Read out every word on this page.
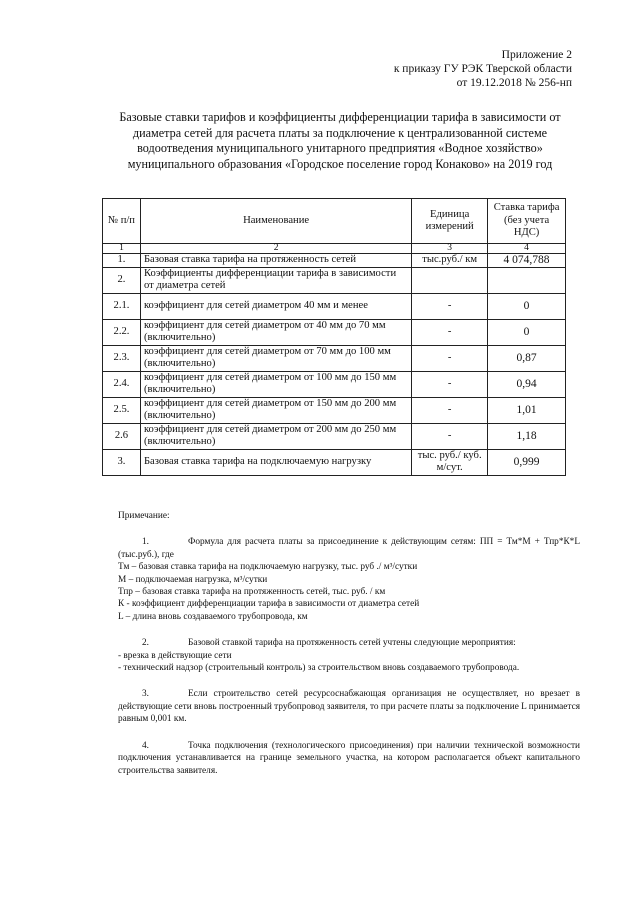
Приложение 2
к приказу ГУ РЭК Тверской области
от 19.12.2018 № 256-нп
Базовые ставки тарифов и коэффициенты дифференциации тарифа в зависимости от
диаметра сетей для расчета платы за подключение к централизованной системе
водоотведения муниципального унитарного предприятия «Водное хозяйство»
муниципального образования «Городское поселение город Конаково» на 2019 год
№ п/п	Наименование	Единица измерений	Ставка тарифа (без учета НДС)
1	2	3	4
1.	Базовая ставка тарифа на протяженность сетей	тыс.руб./ км	4 074,788
2.	Коэффициенты дифференциации тарифа в зависимости от диаметра сетей		
2.1.	коэффициент для сетей диаметром 40 мм и менее	-	0
2.2.	коэффициент для сетей диаметром от 40 мм до 70 мм (включительно)	-	0
2.3.	коэффициент для сетей диаметром от 70 мм до 100 мм (включительно)	-	0,87
2.4.	коэффициент для сетей диаметром от 100 мм до 150 мм (включительно)	-	0,94
2.5.	коэффициент для сетей диаметром от 150 мм до 200 мм (включительно)	-	1,01
2.6	коэффициент для сетей диаметром от 200 мм до 250 мм (включительно)	-	1,18
3.	Базовая ставка тарифа на подключаемую нагрузку	тыс. руб./ куб. м/сут.	0,999

Примечание:

1.	Формула для расчета платы за присоединение к действующим сетям: ПП = Тм*М + Тпр*К*L (тыс.руб.), где

Тм – базовая ставка тарифа на подключаемую нагрузку, тыс. руб ./ м³/сутки

М – подключаемая нагрузка, м³/сутки

Тпр – базовая ставка тарифа на протяженность сетей, тыс. руб. / км

К - коэффициент дифференциации тарифа в зависимости от диаметра сетей

L – длина вновь создаваемого трубопровода, км

2.	Базовой ставкой тарифа на протяженность сетей учтены следующие мероприятия:

- врезка в действующие сети

- технический надзор (строительный контроль) за строительством вновь создаваемого трубопровода.

3.	Если строительство сетей ресурсоснабжающая организация не осуществляет, но врезает в действующие сети вновь построенный трубопровод заявителя, то при расчете платы за подключение L принимается равным 0,001 км.

4.	Точка подключения (технологического присоединения) при наличии технической возможности подключения устанавливается на границе земельного участка, на котором располагается объект капитального строительства заявителя.
